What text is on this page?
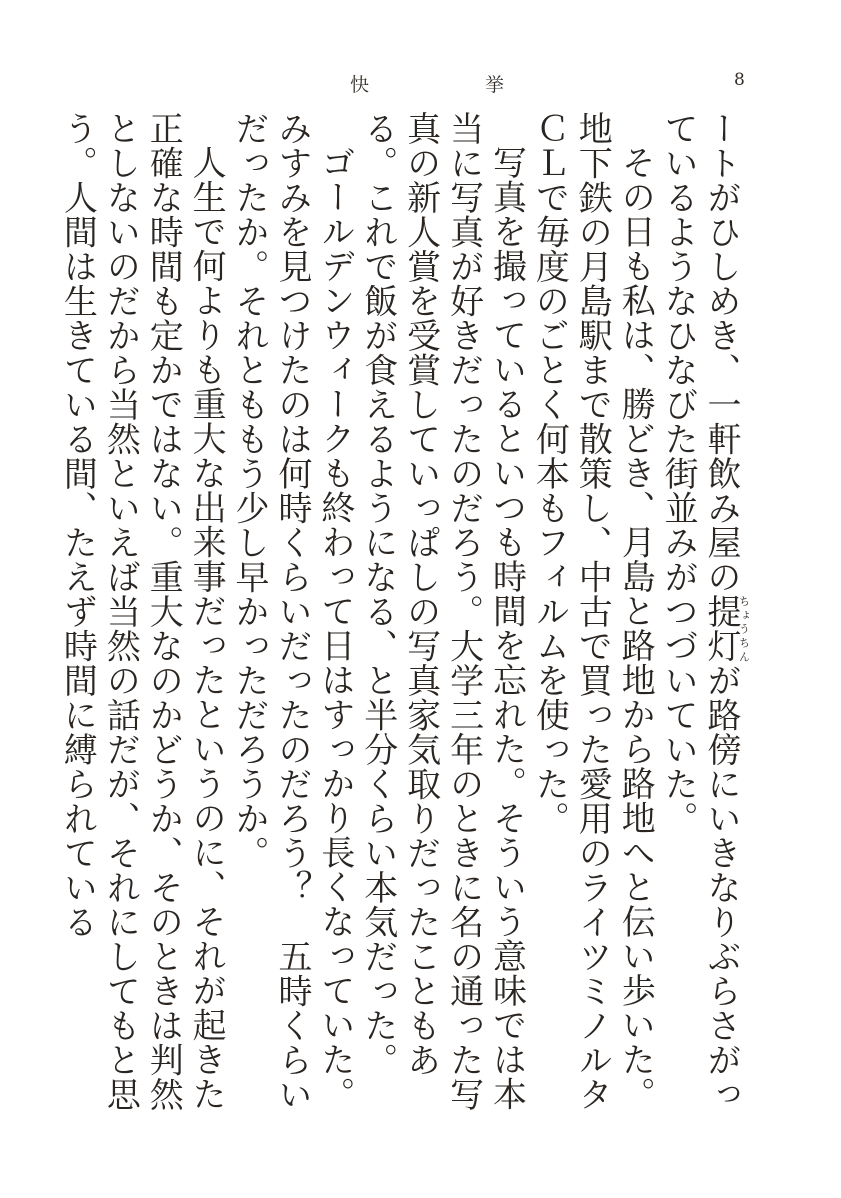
快	挙	8

ートがひしめき、一軒飲み屋の提灯ちょうちんが路傍にいきなりぶらさがっているようなひなびた街並みがつづいていた。

その日も私は、勝どき、月島と路地から路地へと伝い歩いた。地下鉄の月島駅まで散策し、中古で買った愛用のライツミノルタＣＬで毎度のごとく何本もフィルムを使った。

写真を撮っているといつも時間を忘れた。そういう意味では本当に写真が好きだったのだろう。大学三年のときに名の通った写真の新人賞を受賞していっぱしの写真家気取りだったこともある。これで飯が食えるようになる、と半分くらい本気だった。

ゴールデンウィークも終わって日はすっかり長くなっていた。みすみを見つけたのは何時くらいだったのだろう？　五時くらいだったか。それとももう少し早かっただろうか。

人生で何よりも重大な出来事だったというのに、それが起きた正確な時間も定かではない。重大なのかどうか、そのときは判然としないのだから当然といえば当然の話だが、それにしてもと思う。人間は生きている間、たえず時間に縛られている
